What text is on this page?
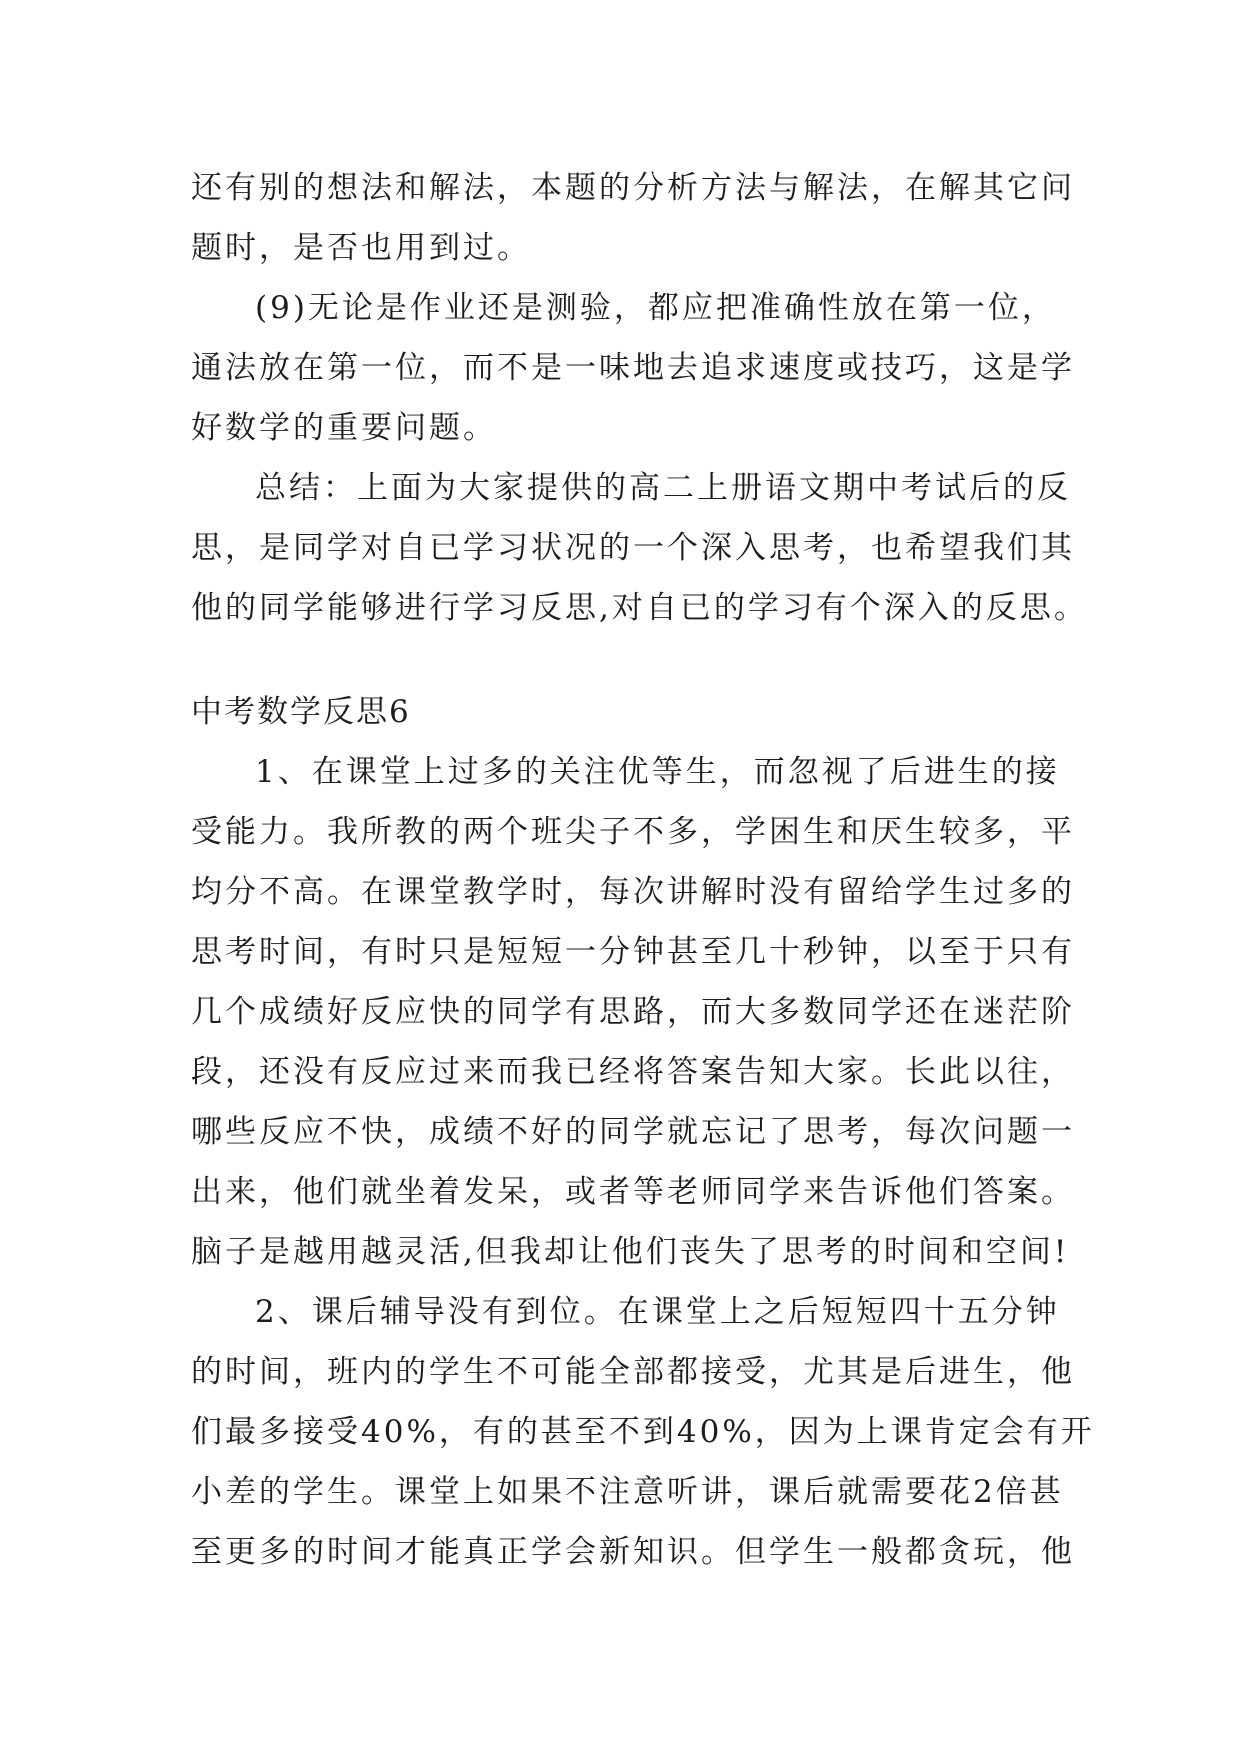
还有别的想法和解法，本题的分析方法与解法，在解其它问
题时，是否也用到过。
(9)无论是作业还是测验，都应把准确性放在第一位，
通法放在第一位，而不是一味地去追求速度或技巧，这是学
好数学的重要问题。
总结：上面为大家提供的高二上册语文期中考试后的反
思，是同学对自已学习状况的一个深入思考，也希望我们其
他的同学能够进行学习反思,对自已的学习有个深入的反思。
中考数学反思6
1、在课堂上过多的关注优等生，而忽视了后进生的接
受能力。我所教的两个班尖子不多，学困生和厌生较多，平
均分不高。在课堂教学时，每次讲解时没有留给学生过多的
思考时间，有时只是短短一分钟甚至几十秒钟，以至于只有
几个成绩好反应快的同学有思路，而大多数同学还在迷茫阶
段，还没有反应过来而我已经将答案告知大家。长此以往，
哪些反应不快，成绩不好的同学就忘记了思考，每次问题一
出来，他们就坐着发呆，或者等老师同学来告诉他们答案。
脑子是越用越灵活,但我却让他们丧失了思考的时间和空间!
2、课后辅导没有到位。在课堂上之后短短四十五分钟
的时间，班内的学生不可能全部都接受，尤其是后进生，他
们最多接受40%，有的甚至不到40%，因为上课肯定会有开
小差的学生。课堂上如果不注意听讲，课后就需要花2倍甚
至更多的时间才能真正学会新知识。但学生一般都贪玩，他
